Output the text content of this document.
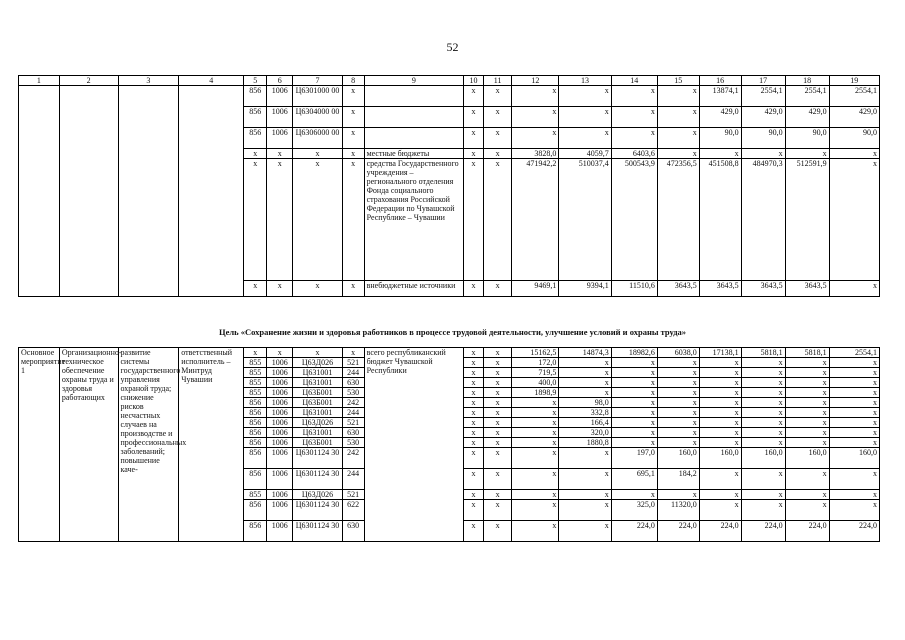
52
1	2	3	4	5	6	7	8	9	10	11	12	13	14	15	16	17	18	19
				856	1006	Ц6301000 00	x		x	x	x	x	x	x	13874,1	2554,1	2554,1	2554,1
				856	1006	Ц6304000 00	x		x	x	x	x	x	x	429,0	429,0	429,0	429,0
				856	1006	Ц6306000 00	x		x	x	x	x	x	x	90,0	90,0	90,0	90,0
				x	x	x	x	местные бюджеты	x	x	3828,0	4059,7	6403,6	x	x	x	x	x
				x	x	x	x	средства Государственного учреждения – регионального отделения Фонда социального страхования Российской Федерации по Чувашской Республике – Чувашии	x	x	471942,2	510037,4	500543,9	472356,5	451508,8	484970,3	512591,9	x
				x	x	x	x	внебюджетные источники	x	x	9469,1	9394,1	11510,6	3643,5	3643,5	3643,5	3643,5	x
Цель «Сохранение жизни и здоровья работников в процессе трудовой деятельности, улучшение условий и охраны труда»
Основное мероприятие 1	Организационно-техническое обеспечение охраны труда и здоровья работающих	развитие системы государственного управления охраной труда; снижение рисков несчастных случаев на производстве и профессиональных заболеваний; повышение каче-	ответственный исполнитель – Минтруд Чувашии	x	x	x	x	всего республиканский бюджет Чувашской Республики	x	x	15162,5	14874,3	18982,6	6038,0	17138,1	5818,1	5818,1	2554,1
				855	1006	Ц63Д026	521		x	x	172,0	x	x	x	x	x	x	x
				855	1006	Ц631001	244		x	x	719,5	x	x	x	x	x	x	x
				855	1006	Ц631001	630		x	x	400,0	x	x	x	x	x	x	x
				855	1006	Ц63Б001	530		x	x	1898,9	x	x	x	x	x	x	x
				856	1006	Ц63Б001	242		x	x	x	98,0	x	x	x	x	x	x
				856	1006	Ц631001	244		x	x	x	332,8	x	x	x	x	x	x
				856	1006	Ц63Д026	521		x	x	x	166,4	x	x	x	x	x	x
				856	1006	Ц631001	630		x	x	x	320,0	x	x	x	x	x	x
				856	1006	Ц63Б001	530		x	x	x	1880,8	x	x	x	x	x	x
				856	1006	Ц6301124 30	242		x	x	x	x	197,0	160,0	160,0	160,0	160,0	160,0
				856	1006	Ц6301124 30	244		x	x	x	x	695,1	184,2	x	x	x	x
				855	1006	Ц63Д026	521		x	x	x	x	x	x	x	x	x	x
				856	1006	Ц6301124 30	622		x	x	x	x	325,0	11320,0	x	x	x	x
				856	1006	Ц6301124 30	630		x	x	x	x	224,0	224,0	224,0	224,0	224,0	224,0
